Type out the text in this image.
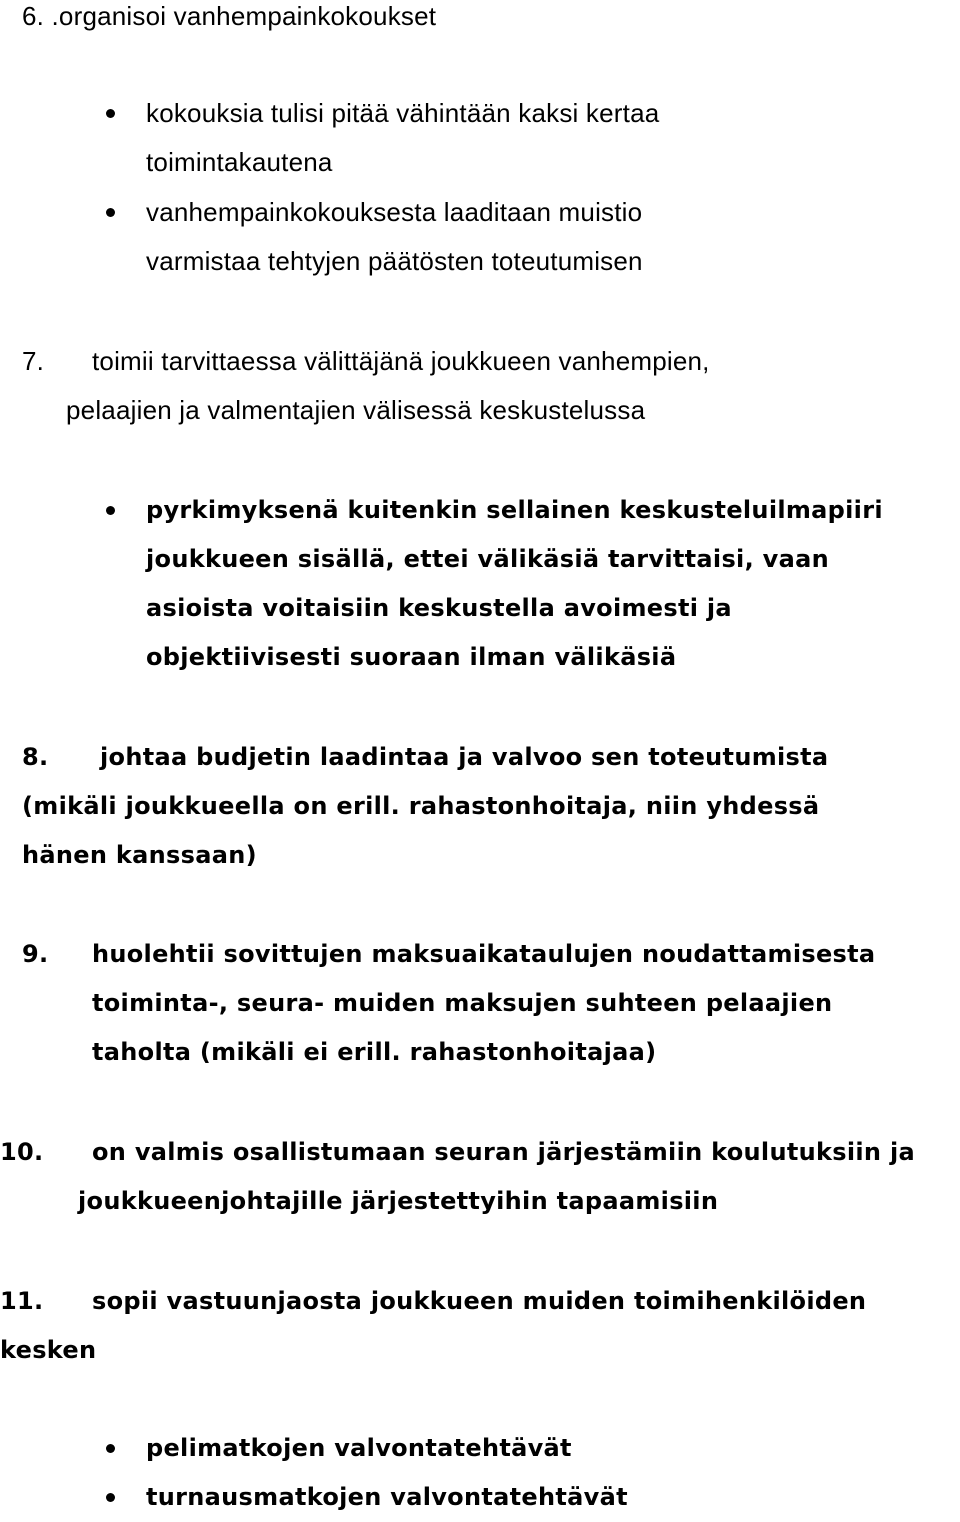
6. .organisoi vanhempainkokoukset

kokouksia tulisi pitää vähintään kaksi kertaa

toimintakautena

vanhempainkokouksesta laaditaan muistio

varmistaa tehtyjen päätösten toteutumisen

7. toimii tarvittaessa välittäjänä joukkueen vanhempien,

pelaajien ja valmentajien välisessä keskustelussa

pyrkimyksenä kuitenkin sellainen keskusteluilmapiiri

joukkueen sisällä, ettei välikäsiä tarvittaisi, vaan

asioista voitaisiin keskustella avoimesti ja

objektiivisesti suoraan ilman välikäsiä

8. johtaa budjetin laadintaa ja valvoo sen toteutumista

(mikäli joukkueella on erill. rahastonhoitaja, niin yhdessä

hänen kanssaan)

9. huolehtii sovittujen maksuaikataulujen noudattamisesta

toiminta-, seura- muiden maksujen suhteen pelaajien

taholta (mikäli ei erill. rahastonhoitajaa)

10. on valmis osallistumaan seuran järjestämiin koulutuksiin ja

joukkueenjohtajille järjestettyihin tapaamisiin

11. sopii vastuunjaosta joukkueen muiden toimihenkilöiden

kesken

pelimatkojen valvontatehtävät

turnausmatkojen valvontatehtävät
